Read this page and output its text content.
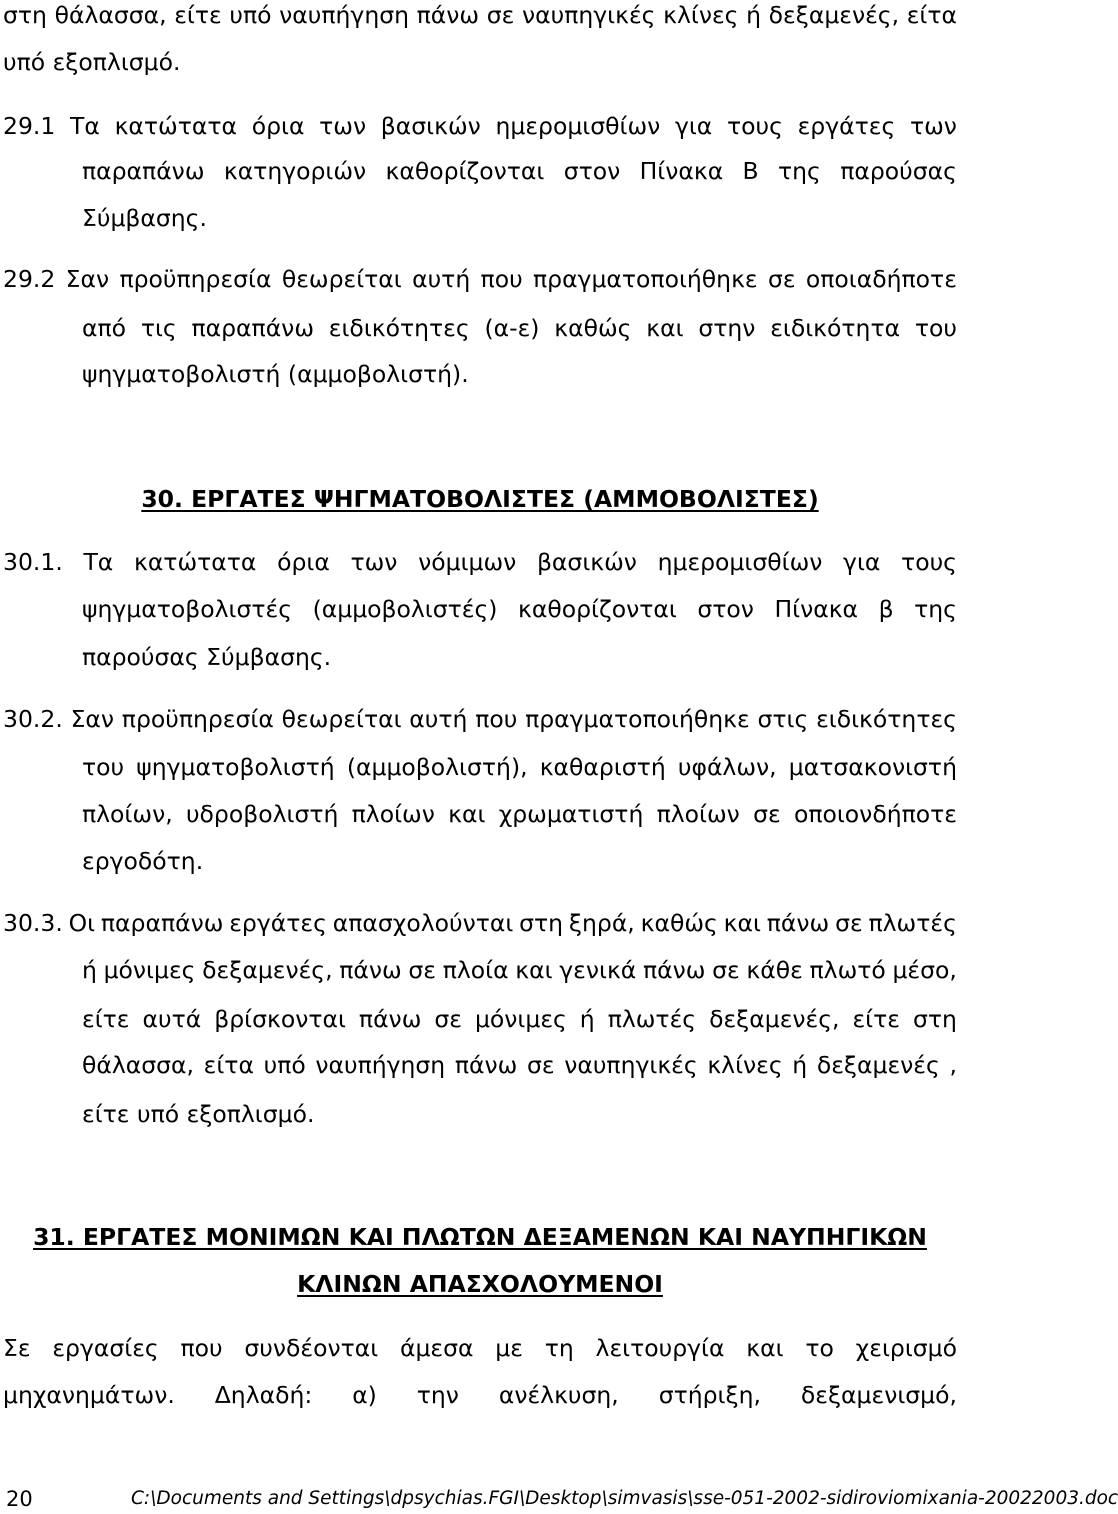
στη θάλασσα, είτε υπό ναυπήγηση πάνω σε ναυπηγικές κλίνες ή δεξαμενές, είτα
υπό εξοπλισμό.
29.1 Τα κατώτατα όρια των βασικών ημερομισθίων για τους εργάτες των
παραπάνω κατηγοριών καθορίζονται στον Πίνακα Β της παρούσας
Σύμβασης.
29.2 Σαν προϋπηρεσία θεωρείται αυτή που πραγματοποιήθηκε σε οποιαδήποτε
από τις παραπάνω ειδικότητες (α-ε) καθώς και στην ειδικότητα του
ψηγματοβολιστή (αμμοβολιστή).
30. ΕΡΓΑΤΕΣ ΨΗΓΜΑΤΟΒΟΛΙΣΤΕΣ (ΑΜΜΟΒΟΛΙΣΤΕΣ)
30.1. Τα κατώτατα όρια των νόμιμων βασικών ημερομισθίων για τους
ψηγματοβολιστές (αμμοβολιστές) καθορίζονται στον Πίνακα β της
παρούσας Σύμβασης.
30.2. Σαν προϋπηρεσία θεωρείται αυτή που πραγματοποιήθηκε στις ειδικότητες
του ψηγματοβολιστή (αμμοβολιστή), καθαριστή υφάλων, ματσακονιστή
πλοίων, υδροβολιστή πλοίων και χρωματιστή πλοίων σε οποιονδήποτε
εργοδότη.
30.3. Οι παραπάνω εργάτες απασχολούνται στη ξηρά, καθώς και πάνω σε πλωτές
ή μόνιμες δεξαμενές, πάνω σε πλοία και γενικά πάνω σε κάθε πλωτό μέσο,
είτε αυτά βρίσκονται πάνω σε μόνιμες ή πλωτές δεξαμενές, είτε στη
θάλασσα, είτα υπό ναυπήγηση πάνω σε ναυπηγικές κλίνες ή δεξαμενές ,
είτε υπό εξοπλισμό.
31. ΕΡΓΑΤΕΣ ΜΟΝΙΜΩΝ ΚΑΙ ΠΛΩΤΩΝ ΔΕΞΑΜΕΝΩΝ ΚΑΙ ΝΑΥΠΗΓΙΚΩΝ
ΚΛΙΝΩΝ ΑΠΑΣΧΟΛΟΥΜΕΝΟΙ
Σε εργασίες που συνδέονται άμεσα με τη λειτουργία και το χειρισμό
μηχανημάτων. Δηλαδή: α) την ανέλκυση, στήριξη, δεξαμενισμό,
20	C:\Documents and Settings\dpsychias.FGI\Desktop\simvasis\sse-051-2002-sidiroviomixania-20022003.doc
